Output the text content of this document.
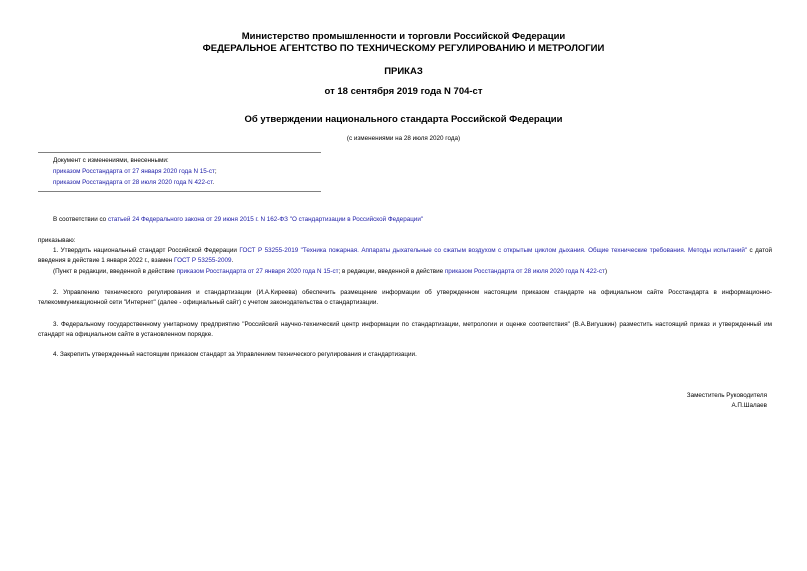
Министерство промышленности и торговли Российской Федерации
ФЕДЕРАЛЬНОЕ АГЕНТСТВО ПО ТЕХНИЧЕСКОМУ РЕГУЛИРОВАНИЮ И МЕТРОЛОГИИ
ПРИКАЗ
от 18 сентября 2019 года N 704-ст
Об утверждении национального стандарта Российской Федерации
(с изменениями на 28 июля 2020 года)
Документ с изменениями, внесенными:
приказом Росстандарта от 27 января 2020 года N 15-ст;
приказом Росстандарта от 28 июля 2020 года N 422-ст.
В соответствии со статьей 24 Федерального закона от 29 июня 2015 г. N 162-ФЗ "О стандартизации в Российской Федерации"
приказываю:
1. Утвердить национальный стандарт Российской Федерации ГОСТ Р 53255-2019 "Техника пожарная. Аппараты дыхательные со сжатым воздухом с открытым циклом дыхания. Общие технические требования. Методы испытаний" с датой введения в действие 1 января 2022 г., взамен ГОСТ Р 53255-2009.
(Пункт в редакции, введенной в действие приказом Росстандарта от 27 января 2020 года N 15-ст; в редакции, введенной в действие приказом Росстандарта от 28 июля 2020 года N 422-ст)
2. Управлению технического регулирования и стандартизации (И.А.Киреева) обеспечить размещение информации об утвержденном настоящим приказом стандарте на официальном сайте Росстандарта в информационно-телекоммуникационной сети "Интернет" (далее - официальный сайт) с учетом законодательства о стандартизации.
3. Федеральному государственному унитарному предприятию "Российский научно-технический центр информации по стандартизации, метрологии и оценке соответствия" (В.А.Вигушкин) разместить настоящий приказ и утвержденный им стандарт на официальном сайте в установленном порядке.
4. Закрепить утвержденный настоящим приказом стандарт за Управлением технического регулирования и стандартизации.
Заместитель Руководителя
А.П.Шалаев
